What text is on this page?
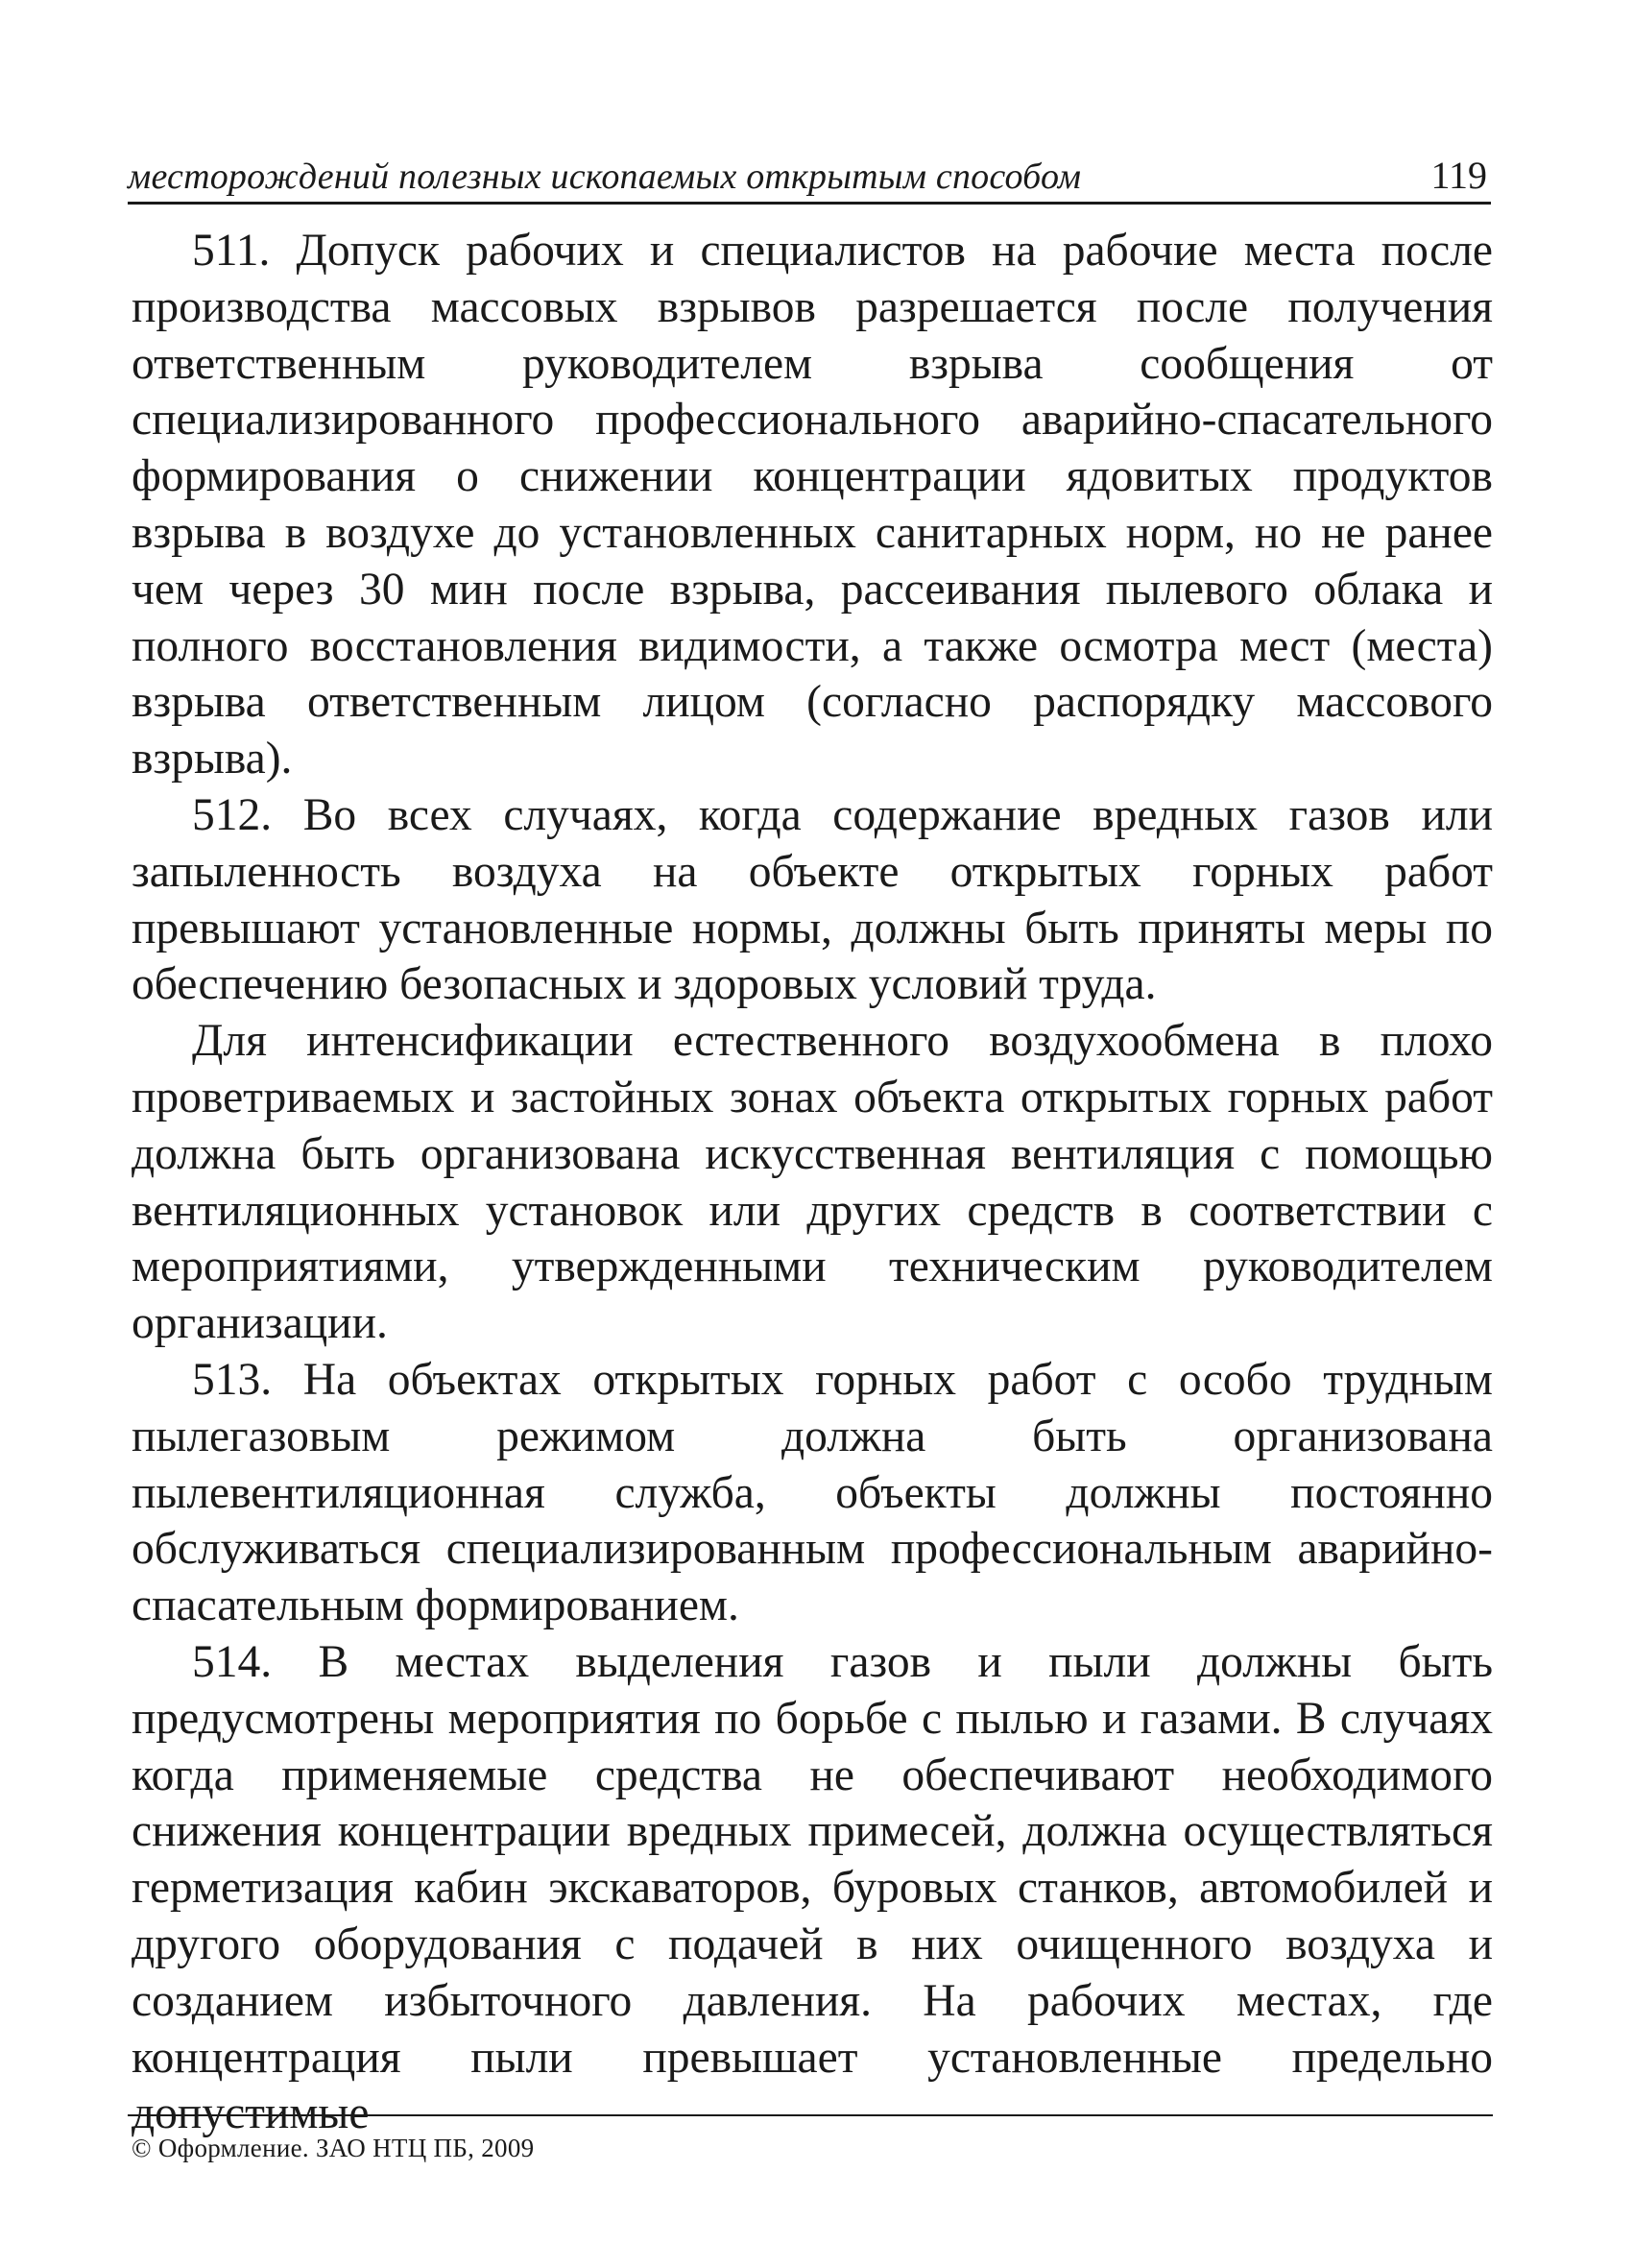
месторождений полезных ископаемых открытым способом	119

511. Допуск рабочих и специалистов на рабочие места после производства массовых взрывов разрешается после получения ответственным руководителем взрыва сообщения от специализированного профессионального аварийно-спасательного формирования о снижении концентрации ядовитых продуктов взрыва в воздухе до установленных санитарных норм, но не ранее чем через 30 мин после взрыва, рассеивания пылевого облака и полного восстановления видимости, а также осмотра мест (места) взрыва ответственным лицом (согласно распорядку массового взрыва).

512. Во всех случаях, когда содержание вредных газов или запыленность воздуха на объекте открытых горных работ превышают установленные нормы, должны быть приняты меры по обеспечению безопасных и здоровых условий труда.

Для интенсификации естественного воздухообмена в плохо проветриваемых и застойных зонах объекта открытых горных работ должна быть организована искусственная вентиляция с помощью вентиляционных установок или других средств в соответствии с мероприятиями, утвержденными техническим руководителем организации.

513. На объектах открытых горных работ с особо трудным пылегазовым режимом должна быть организована пылевентиляционная служба, объекты должны постоянно обслуживаться специализированным профессиональным аварийно-спасательным формированием.

514. В местах выделения газов и пыли должны быть предусмотрены мероприятия по борьбе с пылью и газами. В случаях когда применяемые средства не обеспечивают необходимого снижения концентрации вредных примесей, должна осуществляться герметизация кабин экскаваторов, буровых станков, автомобилей и другого оборудования с подачей в них очищенного воздуха и созданием избыточного давления. На рабочих местах, где концентрация пыли превышает установленные предельно допустимые

© Оформление. ЗАО НТЦ ПБ, 2009
